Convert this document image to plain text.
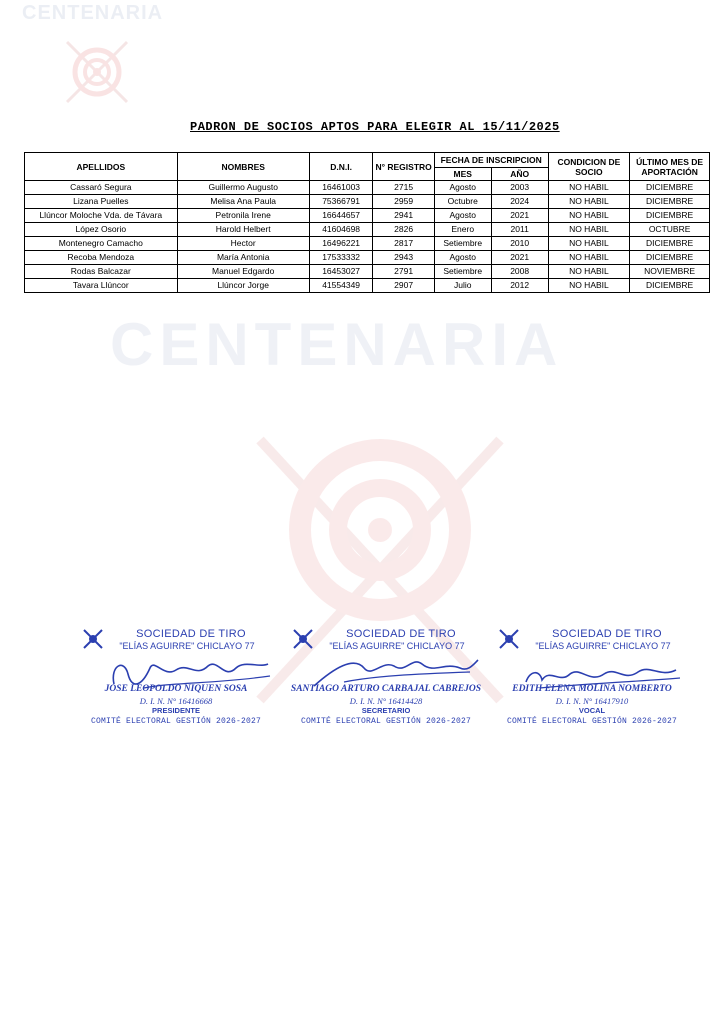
CENTENARIA
CENTENARIA
PADRON DE SOCIOS APTOS PARA ELEGIR AL 15/11/2025
APELLIDOS	NOMBRES	D.N.I.	N° REGISTRO	FECHA DE INSCRIPCION		CONDICION DE SOCIO	ÚLTIMO MES DE APORTACIÓN
				MES	AÑO		
Cassaró Segura	Guillermo Augusto	16461003	2715	Agosto	2003	NO HABIL	DICIEMBRE
Lizana Puelles	Melisa Ana Paula	75366791	2959	Octubre	2024	NO HABIL	DICIEMBRE
Llúncor Moloche Vda. de Távara	Petronila Irene	16644657	2941	Agosto	2021	NO HABIL	DICIEMBRE
López Osorio	Harold Helbert	41604698	2826	Enero	2011	NO HABIL	OCTUBRE
Montenegro Camacho	Hector	16496221	2817	Setiembre	2010	NO HABIL	DICIEMBRE
Recoba Mendoza	María Antonia	17533332	2943	Agosto	2021	NO HABIL	DICIEMBRE
Rodas Balcazar	Manuel Edgardo	16453027	2791	Setiembre	2008	NO HABIL	NOVIEMBRE
Tavara Llúncor	Llúncor Jorge	41554349	2907	Julio	2012	NO HABIL	DICIEMBRE
SOCIEDAD DE TIRO
"ELÍAS AGUIRRE" CHICLAYO 77
JOSE LEOPOLDO NIQUEN SOSA
D. I. N. N° 16416668
PRESIDENTE
COMITÉ ELECTORAL GESTIÓN 2026-2027
SOCIEDAD DE TIRO
"ELÍAS AGUIRRE" CHICLAYO 77
SANTIAGO ARTURO CARBAJAL CABREJOS
D. I. N. N° 16414428
SECRETARIO
COMITÉ ELECTORAL GESTIÓN 2026-2027
SOCIEDAD DE TIRO
"ELÍAS AGUIRRE" CHICLAYO 77
EDITH ELENA MOLINA NOMBERTO
D. I. N. N° 16417910
VOCAL
COMITÉ ELECTORAL GESTIÓN 2026-2027
